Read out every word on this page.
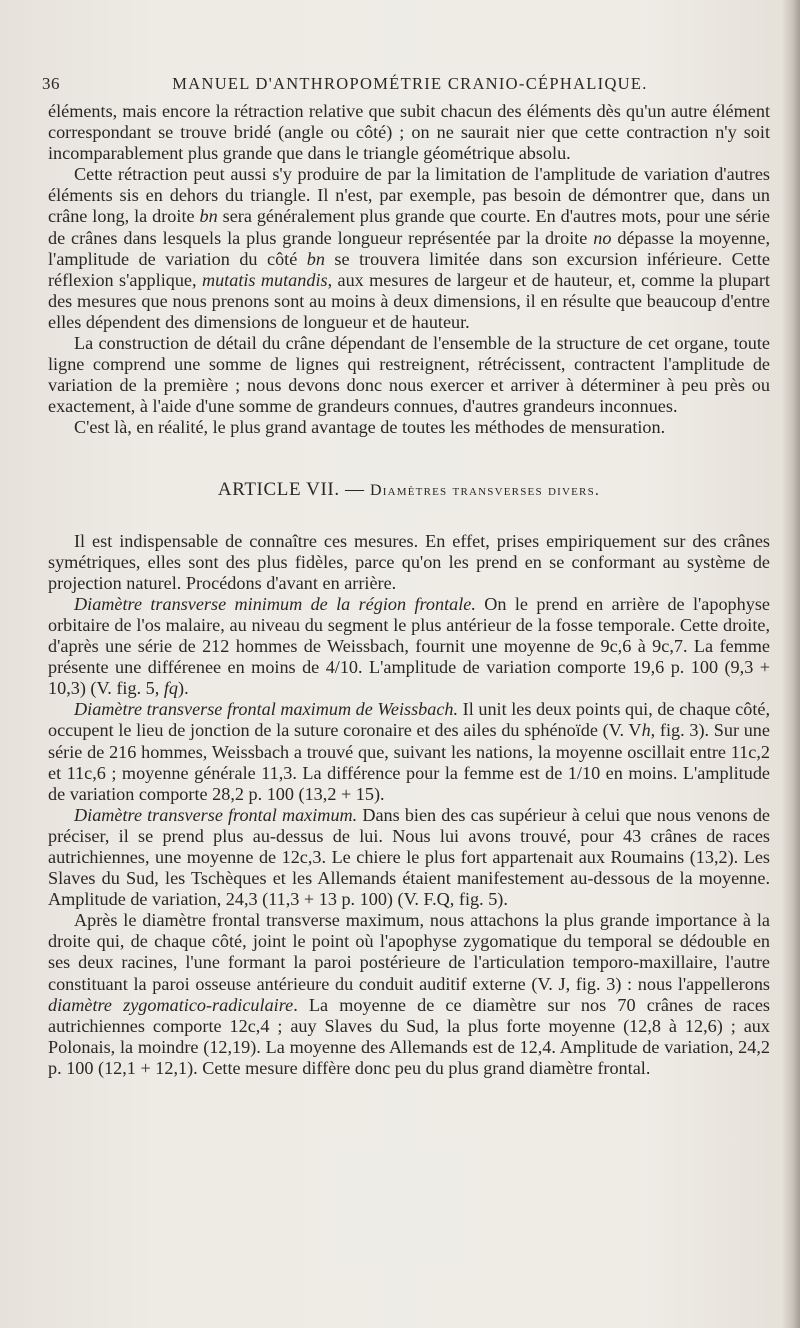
36	MANUEL D'ANTHROPOMÉTRIE CRANIO-CÉPHALIQUE.

éléments, mais encore la rétraction relative que subit chacun des éléments dès qu'un autre élément correspondant se trouve bridé (angle ou côté) ; on ne saurait nier que cette contraction n'y soit incomparablement plus grande que dans le triangle géométrique absolu.

Cette rétraction peut aussi s'y produire de par la limitation de l'amplitude de variation d'autres éléments sis en dehors du triangle. Il n'est, par exemple, pas besoin de démontrer que, dans un crâne long, la droite bn sera généralement plus grande que courte. En d'autres mots, pour une série de crânes dans lesquels la plus grande longueur représentée par la droite no dépasse la moyenne, l'amplitude de variation du côté bn se trouvera limitée dans son excursion inférieure. Cette réflexion s'applique, mutatis mutandis, aux mesures de largeur et de hauteur, et, comme la plupart des mesures que nous prenons sont au moins à deux dimensions, il en résulte que beaucoup d'entre elles dépendent des dimensions de longueur et de hauteur.

La construction de détail du crâne dépendant de l'ensemble de la structure de cet organe, toute ligne comprend une somme de lignes qui restreignent, rétrécissent, contractent l'amplitude de variation de la première ; nous devons donc nous exercer et arriver à déterminer à peu près ou exactement, à l'aide d'une somme de grandeurs connues, d'autres grandeurs inconnues.

C'est là, en réalité, le plus grand avantage de toutes les méthodes de mensuration.

ARTICLE VII. — Diamètres transverses divers.

Il est indispensable de connaître ces mesures. En effet, prises empiriquement sur des crânes symétriques, elles sont des plus fidèles, parce qu'on les prend en se conformant au système de projection naturel. Procédons d'avant en arrière.

Diamètre transverse minimum de la région frontale. On le prend en arrière de l'apophyse orbitaire de l'os malaire, au niveau du segment le plus antérieur de la fosse temporale. Cette droite, d'après une série de 212 hommes de Weissbach, fournit une moyenne de 9c,6 à 9c,7. La femme présente une différenee en moins de 4/10. L'amplitude de variation comporte 19,6 p. 100 (9,3 + 10,3) (V. fig. 5, fq).

Diamètre transverse frontal maximum de Weissbach. Il unit les deux points qui, de chaque côté, occupent le lieu de jonction de la suture coronaire et des ailes du sphénoïde (V. Vh, fig. 3). Sur une série de 216 hommes, Weissbach a trouvé que, suivant les nations, la moyenne oscillait entre 11c,2 et 11c,6 ; moyenne générale 11,3. La différence pour la femme est de 1/10 en moins. L'amplitude de variation comporte 28,2 p. 100 (13,2 + 15).

Diamètre transverse frontal maximum. Dans bien des cas supérieur à celui que nous venons de préciser, il se prend plus au-dessus de lui. Nous lui avons trouvé, pour 43 crânes de races autrichiennes, une moyenne de 12c,3. Le chiere le plus fort appartenait aux Roumains (13,2). Les Slaves du Sud, les Tschèques et les Allemands étaient manifestement au-dessous de la moyenne. Amplitude de variation, 24,3 (11,3 + 13 p. 100) (V. F.Q, fig. 5).

Après le diamètre frontal transverse maximum, nous attachons la plus grande importance à la droite qui, de chaque côté, joint le point où l'apophyse zygomatique du temporal se dédouble en ses deux racines, l'une formant la paroi postérieure de l'articulation temporo-maxillaire, l'autre constituant la paroi osseuse antérieure du conduit auditif externe (V. J, fig. 3) : nous l'appellerons diamètre zygomatico-radiculaire. La moyenne de ce diamètre sur nos 70 crânes de races autrichiennes comporte 12c,4 ; auy Slaves du Sud, la plus forte moyenne (12,8 à 12,6) ; aux Polonais, la moindre (12,19). La moyenne des Allemands est de 12,4. Amplitude de variation, 24,2 p. 100 (12,1 + 12,1). Cette mesure diffère donc peu du plus grand diamètre frontal.
